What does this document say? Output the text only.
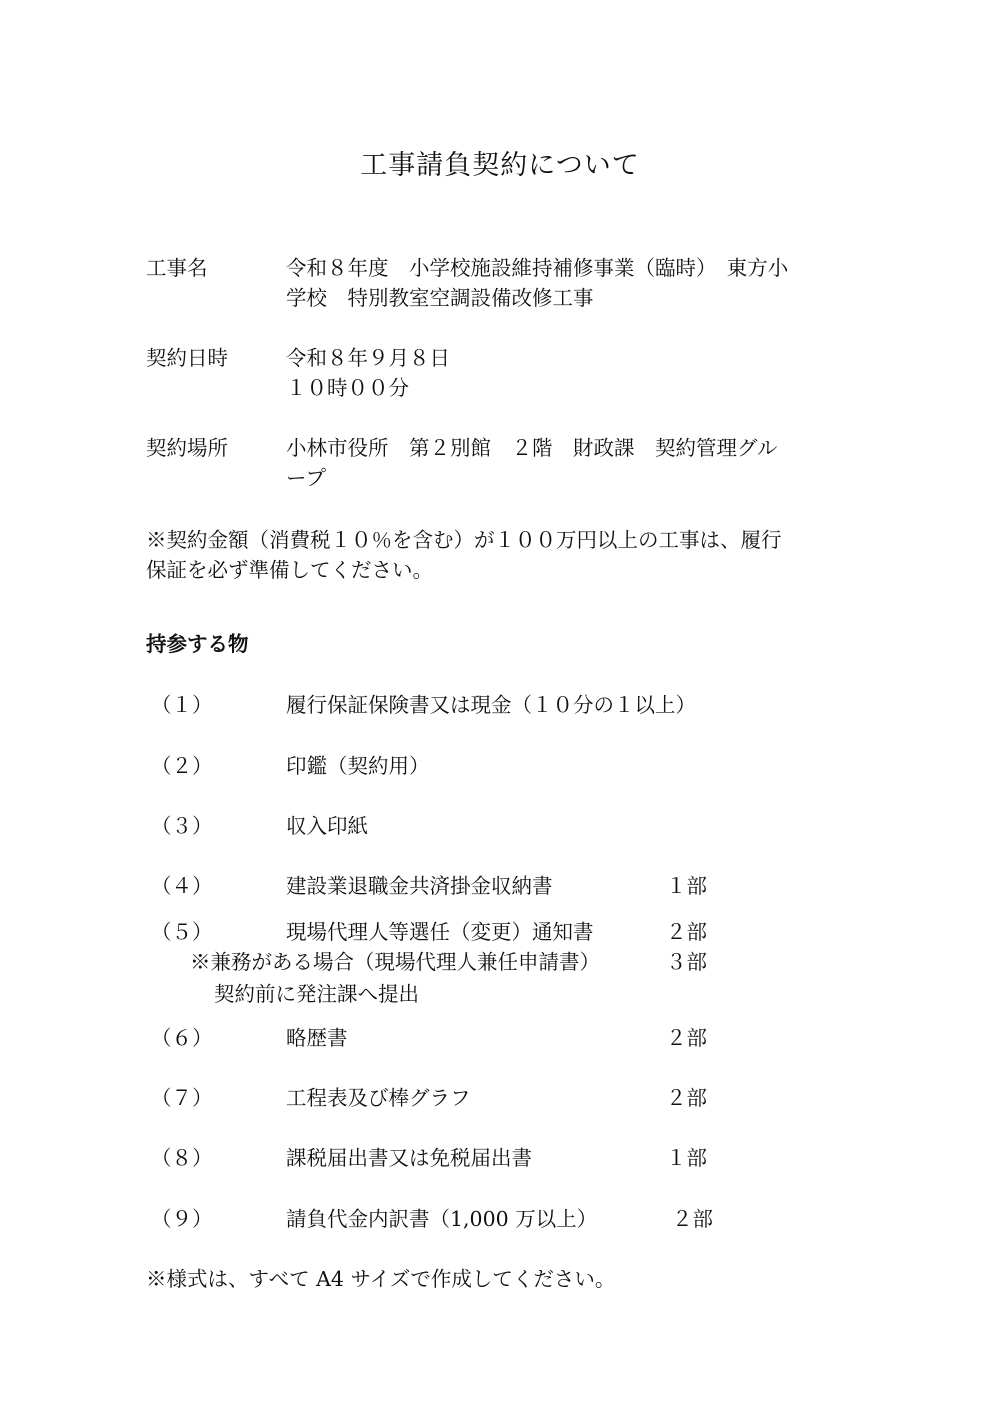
工事請負契約について
工事名	令和８年度　小学校施設維持補修事業（臨時）　東方小
学校　特別教室空調設備改修工事
契約日時	令和８年９月８日
１０時００分
契約場所	小林市役所　第２別館　２階　財政課　契約管理グル
ープ
※契約金額（消費税１０％を含む）が１００万円以上の工事は、履行
保証を必ず準備してください。
持参する物
（１）	履行保証保険書又は現金（１０分の１以上）
（２）	印鑑（契約用）
（３）	収入印紙
（４）	建設業退職金共済掛金収納書	１部
（５）	現場代理人等選任（変更）通知書	２部
※兼務がある場合（現場代理人兼任申請書）	３部
契約前に発注課へ提出
（６）	略歴書	２部
（７）	工程表及び棒グラフ	２部
（８）	課税届出書又は免税届出書	１部
（９）	請負代金内訳書（1,000 万以上）	２部
※様式は、すべて A4 サイズで作成してください。
